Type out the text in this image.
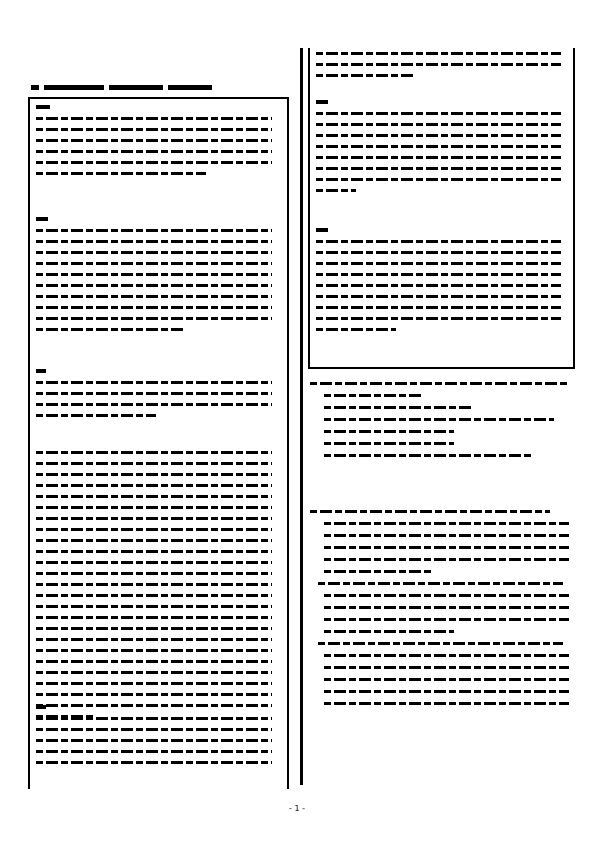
- 1 -
